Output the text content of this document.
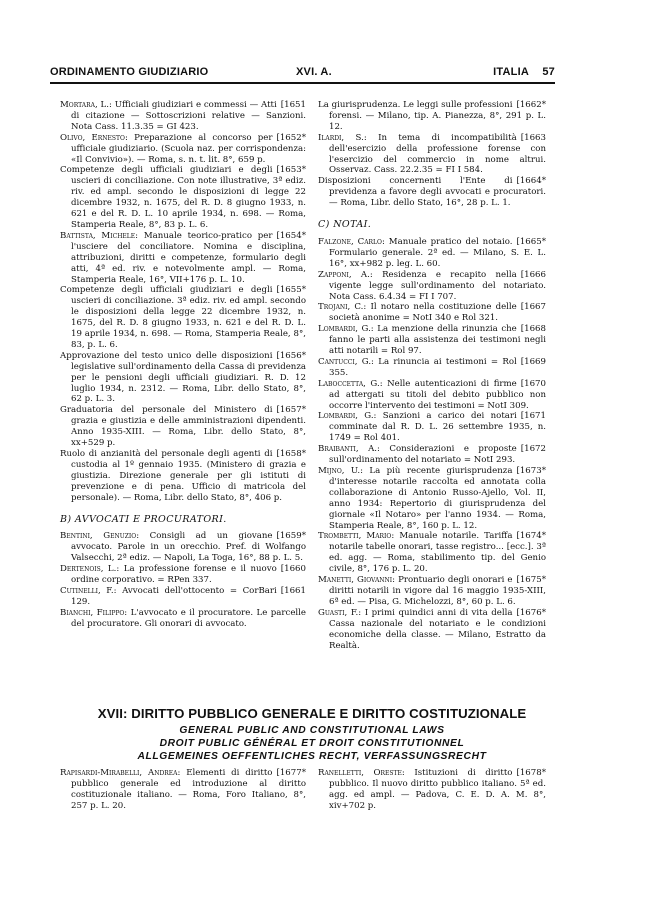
ORDINAMENTO GIUDIZIARIO	XVI. A.	ITALIA 57
[1651
Mortara, L.: Ufficiali giudiziari e commessi — Atti di citazione — Sottoscrizioni relative — Sanzioni. Nota Cass. 11.3.35 = GI 423.
[1652*
Olivo, Ernesto: Preparazione al concorso per ufficiale giudiziario. (Scuola naz. per corrispondenza: «Il Convivio»). — Roma, s. n. t. lit. 8°, 659 p.
[1653*
Competenze degli ufficiali giudiziari e degli uscieri di conciliazione. Con note illustrative, 3ª ediz. riv. ed ampl. secondo le disposizioni di legge 22 dicembre 1932, n. 1675, del R. D. 8 giugno 1933, n. 621 e del R. D. L. 10 aprile 1934, n. 698. — Roma, Stamperia Reale, 8°, 83 p. L. 6.
[1654*
Battista, Michele: Manuale teorico-pratico per l'usciere del conciliatore. Nomina e disciplina, attribuzioni, diritti e competenze, formulario degli atti, 4ª ed. riv. e notevolmente ampl. — Roma, Stamperia Reale, 16°, VII+176 p. L. 10.
[1655*
Competenze degli ufficiali giudiziari e degli uscieri di conciliazione. 3ª ediz. riv. ed ampl. secondo le disposizioni della legge 22 dicembre 1932, n. 1675, del R. D. 8 giugno 1933, n. 621 e del R. D. L. 19 aprile 1934, n. 698. — Roma, Stamperia Reale, 8°, 83, p. L. 6.
[1656*
Approvazione del testo unico delle disposizioni legislative sull'ordinamento della Cassa di previdenza per le pensioni degli ufficiali giudiziari. R. D. 12 luglio 1934, n. 2312. — Roma, Libr. dello Stato, 8°, 62 p. L. 3.
[1657*
Graduatoria del personale del Ministero di grazia e giustizia e delle amministrazioni dipendenti. Anno 1935-XIII. — Roma, Libr. dello Stato, 8°, xx+529 p.
[1658*
Ruolo di anzianità del personale degli agenti di custodia al 1º gennaio 1935. (Ministero di grazia e giustizia. Direzione generale per gli istituti di prevenzione e di pena. Ufficio di matricola del personale). — Roma, Libr. dello Stato, 8°, 406 p.
B) AVVOCATI E PROCURATORI.
[1659*
Bentini, Genuzio: Consigli ad un giovane avvocato. Parole in un orecchio. Pref. di Wolfango Valsecchi, 2ª ediz. — Napoli, La Toga, 16°, 88 p. L. 5.
[1660
Dertenois, L.: La professione forense e il nuovo ordine corporativo. = RPen 337.
[1661
Cutinelli, F.: Avvocati dell'ottocento = CorBari 129.
Bianchi, Filippo: L'avvocato e il procuratore. Le parcelle del procuratore. Gli onorari di avvocato.
[1662*
La giurisprudenza. Le leggi sulle professioni forensi. — Milano, tip. A. Pianezza, 8°, 291 p. L. 12.
[1663
Ilardi, S.: In tema di incompatibilità dell'esercizio della professione forense con l'esercizio del commercio in nome altrui. Osservaz. Cass. 22.2.35 = FI I 584.
[1664*
Disposizioni concernenti l'Ente di previdenza a favore degli avvocati e procuratori. — Roma, Libr. dello Stato, 16°, 28 p. L. 1.
C) NOTAI.
[1665*
Falzone, Carlo: Manuale pratico del notaio. Formulario generale. 2ª ed. — Milano, S. E. L. 16°, xx+982 p. leg. L. 60.
[1666
Zapponi, A.: Residenza e recapito nella vigente legge sull'ordinamento del notariato. Nota Cass. 6.4.34 = FI I 707.
[1667
Trojani, C.: Il notaro nella costituzione delle società anonime = NotI 340 e Rol 321.
[1668
Lombardi, G.: La menzione della rinunzia che fanno le parti alla assistenza dei testimoni negli atti notarili = Rol 97.
[1669
Cantucci, G.: La rinuncia ai testimoni = Rol 355.
[1670
Laboccetta, G.: Nelle autenticazioni di firme ad attergati su titoli del debito pubblico non occorre l'intervento dei testimoni = NotI 309.
[1671
Lombardi, G.: Sanzioni a carico dei notari comminate dal R. D. L. 26 settembre 1935, n. 1749 = Rol 401.
[1672
Braibanti, A.: Considerazioni e proposte sull'ordinamento del notariato = NotI 293.
[1673*
Mijno, U.: La più recente giurisprudenza d'interesse notarile raccolta ed annotata colla collaborazione di Antonio Russo-Ajello, Vol. II, anno 1934: Repertorio di giurisprudenza del giornale «Il Notaro» per l'anno 1934. — Roma, Stamperia Reale, 8°, 160 p. L. 12.
[1674*
Trombetti, Mario: Manuale notarile. Tariffa notarile tabelle onorari, tasse registro... [ecc.]. 3ª ed. agg. — Roma, stabilimento tip. del Genio civile, 8°, 176 p. L. 20.
[1675*
Manetti, Giovanni: Prontuario degli onorari e diritti notarili in vigore dal 16 maggio 1935-XIII, 6ª ed. — Pisa, G. Michelozzi, 8°, 60 p. L. 6.
[1676*
Guasti, F.: I primi quindici anni di vita della Cassa nazionale del notariato e le condizioni economiche della classe. — Milano, Estratto da Realtà.
XVII: DIRITTO PUBBLICO GENERALE E DIRITTO COSTITUZIONALE
GENERAL PUBLIC AND CONSTITUTIONAL LAWS
DROIT PUBLIC GÉNÉRAL ET DROIT CONSTITUTIONNEL
ALLGEMEINES OEFFENTLICHES RECHT, VERFASSUNGSRECHT
[1677*
Rapisardi-Mirabelli, Andrea: Elementi di diritto pubblico generale ed introduzione al diritto costituzionale italiano. — Roma, Foro Italiano, 8°, 257 p. L. 20.
[1678*
Ranelletti, Oreste: Istituzioni di diritto pubblico. Il nuovo diritto pubblico italiano. 5ª ed. agg. ed ampl. — Padova, C. E. D. A. M. 8°, xiv+702 p.
